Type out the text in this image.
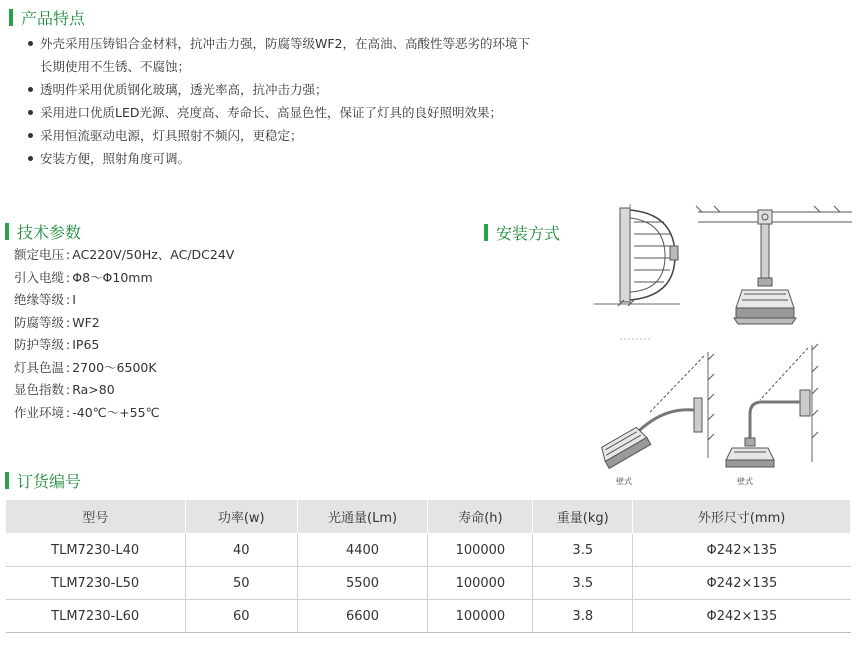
产品特点
外壳采用压铸铝合金材料，抗冲击力强，防腐等级WF2，在高油、高酸性等恶劣的环境下
长期使用不生锈、不腐蚀；
透明件采用优质钢化玻璃，透光率高，抗冲击力强；
采用进口优质LED光源、亮度高、寿命长、高显色性，保证了灯具的良好照明效果；
采用恒流驱动电源，灯具照射不频闪，更稳定；
安装方便，照射角度可调。
技术参数
额定电压 : AC220V/50Hz、AC/DC24V
引入电缆 : Φ8～Φ10mm
绝缘等级 : I
防腐等级 : WF2
防护等级 : IP65
灯具色温 : 2700～6500K
显色指数 : Ra>80
作业环境 : -40℃～+55℃
安装方式
壁式	壁式
订货编号
型号	功率(w)	光通量(Lm)	寿命(h)	重量(kg)	外形尺寸(mm)
TLM7230-L40	40	4400	100000	3.5	Φ242×135
TLM7230-L50	50	5500	100000	3.5	Φ242×135
TLM7230-L60	60	6600	100000	3.8	Φ242×135
